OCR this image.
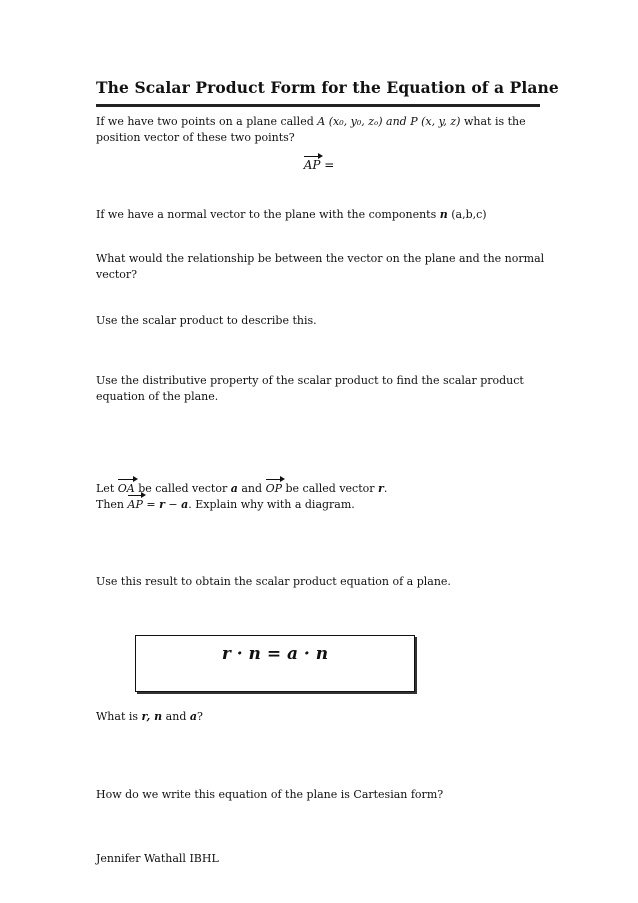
The Scalar Product Form for the Equation of a Plane
If we have two points on a plane called A (x₀, y₀, zₒ) and P (x, y, z) what is the
position vector of these two points?
AP =
If we have a normal vector to the plane with the components n (a,b,c)
What would the relationship be between the vector on the plane and the normal
vector?
Use the scalar product to describe this.
Use the distributive property of the scalar product to find the scalar product
equation of the plane.
Let OA be called vector a and OP be called vector r.
Then AP = r − a. Explain why with a diagram.
Use this result to obtain the scalar product equation of a plane.
r · n = a · n
What is r, n and a?
How do we write this equation of the plane is Cartesian form?
Jennifer Wathall IBHL
